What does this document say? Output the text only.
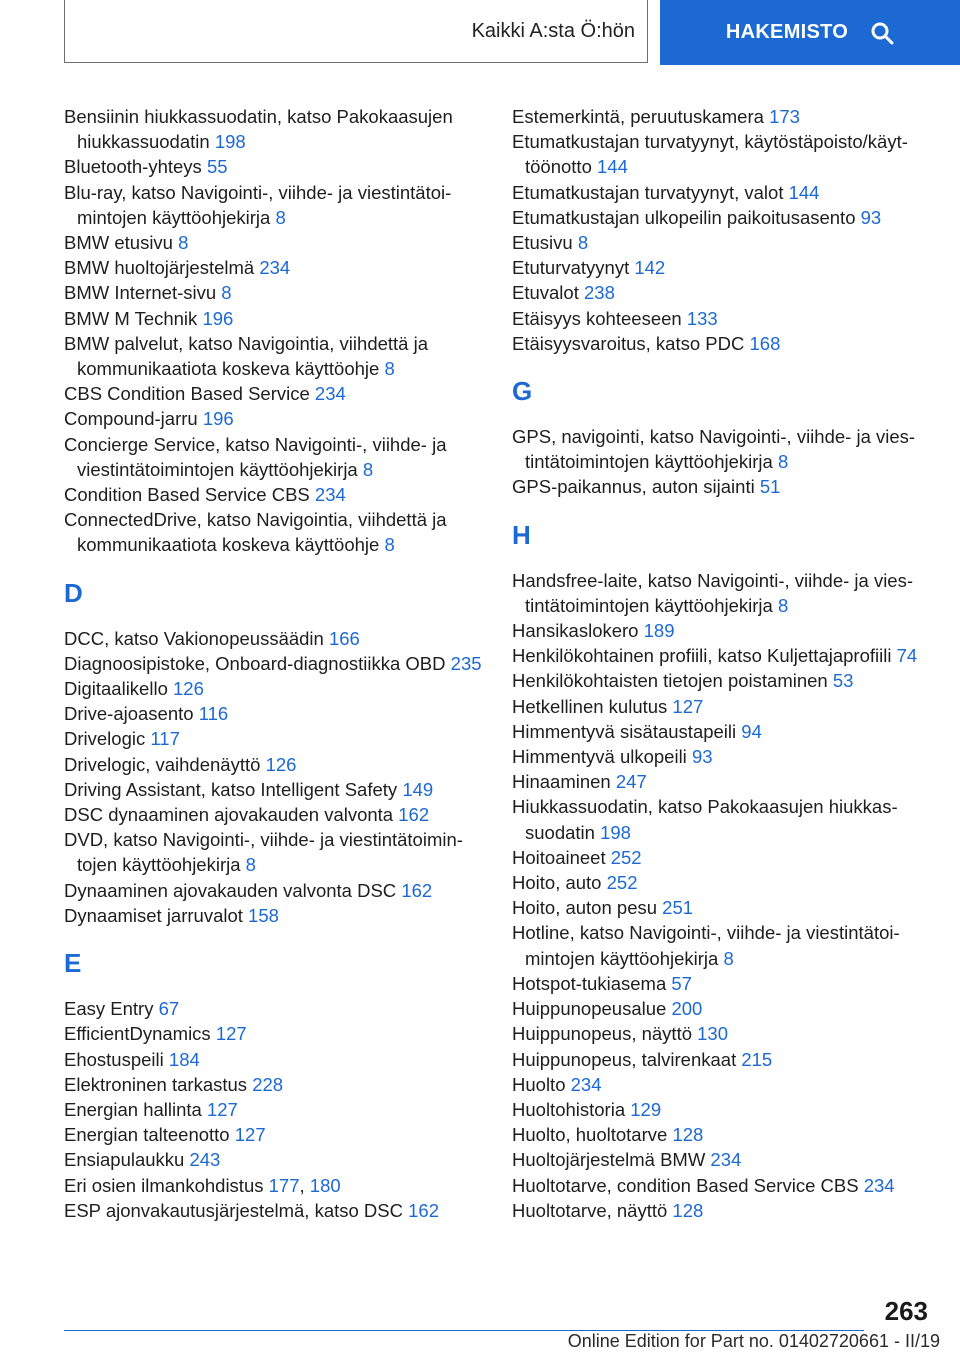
Kaikki A:sta Ö:hön	HAKEMISTO
Bensiinin hiukkassuodatin, katso Pakokaasujen hiukkassuodatin 198
Bluetooth-yhteys 55
Blu-ray, katso Navigointi-, viihde- ja viestintätoimintojen käyttöohjekirja 8
BMW etusivu 8
BMW huoltojärjestelmä 234
BMW Internet-sivu 8
BMW M Technik 196
BMW palvelut, katso Navigointia, viihdettä ja kommunikaatiota koskeva käyttöohje 8
CBS Condition Based Service 234
Compound-jarru 196
Concierge Service, katso Navigointi-, viihde- ja viestintätoimintojen käyttöohjekirja 8
Condition Based Service CBS 234
ConnectedDrive, katso Navigointia, viihdettä ja kommunikaatiota koskeva käyttöohje 8
D
DCC, katso Vakionopeussäädin 166
Diagnoosipistoke, Onboard-diagnostiikka OBD 235
Digitaalikello 126
Drive-ajoasento 116
Drivelogic 117
Drivelogic, vaihdenäyttö 126
Driving Assistant, katso Intelligent Safety 149
DSC dynaaminen ajovakauden valvonta 162
DVD, katso Navigointi-, viihde- ja viestintätoimintojen käyttöohjekirja 8
Dynaaminen ajovakauden valvonta DSC 162
Dynaamiset jarruvalot 158
E
Easy Entry 67
EfficientDynamics 127
Ehostuspeili 184
Elektroninen tarkastus 228
Energian hallinta 127
Energian talteenotto 127
Ensiapulaukku 243
Eri osien ilmankohdistus 177, 180
ESP ajonvakautusjärjestelmä, katso DSC 162
Estemerkintä, peruutuskamera 173
Etumatkustajan turvatyynyt, käytöstäpoisto/käyttöönotto 144
Etumatkustajan turvatyynyt, valot 144
Etumatkustajan ulkopeilin paikoitusasento 93
Etusivu 8
Etuturvatyynyt 142
Etuvalot 238
Etäisyys kohteeseen 133
Etäisyysvaroitus, katso PDC 168
G
GPS, navigointi, katso Navigointi-, viihde- ja viestintätoimintojen käyttöohjekirja 8
GPS-paikannus, auton sijainti 51
H
Handsfree-laite, katso Navigointi-, viihde- ja viestintätoimintojen käyttöohjekirja 8
Hansikaslokero 189
Henkilökohtainen profiili, katso Kuljettajaprofiili 74
Henkilökohtaisten tietojen poistaminen 53
Hetkellinen kulutus 127
Himmentyvä sisätaustapeili 94
Himmentyvä ulkopeili 93
Hinaaminen 247
Hiukkassuodatin, katso Pakokaasujen hiukkassuodatin 198
Hoitoaineet 252
Hoito, auto 252
Hoito, auton pesu 251
Hotline, katso Navigointi-, viihde- ja viestintätoimintojen käyttöohjekirja 8
Hotspot-tukiasema 57
Huippunopeusalue 200
Huippunopeus, näyttö 130
Huippunopeus, talvirenkaat 215
Huolto 234
Huoltohistoria 129
Huolto, huoltotarve 128
Huoltojärjestelmä BMW 234
Huoltotarve, condition Based Service CBS 234
Huoltotarve, näyttö 128
263
Online Edition for Part no. 01402720661 - II/19
